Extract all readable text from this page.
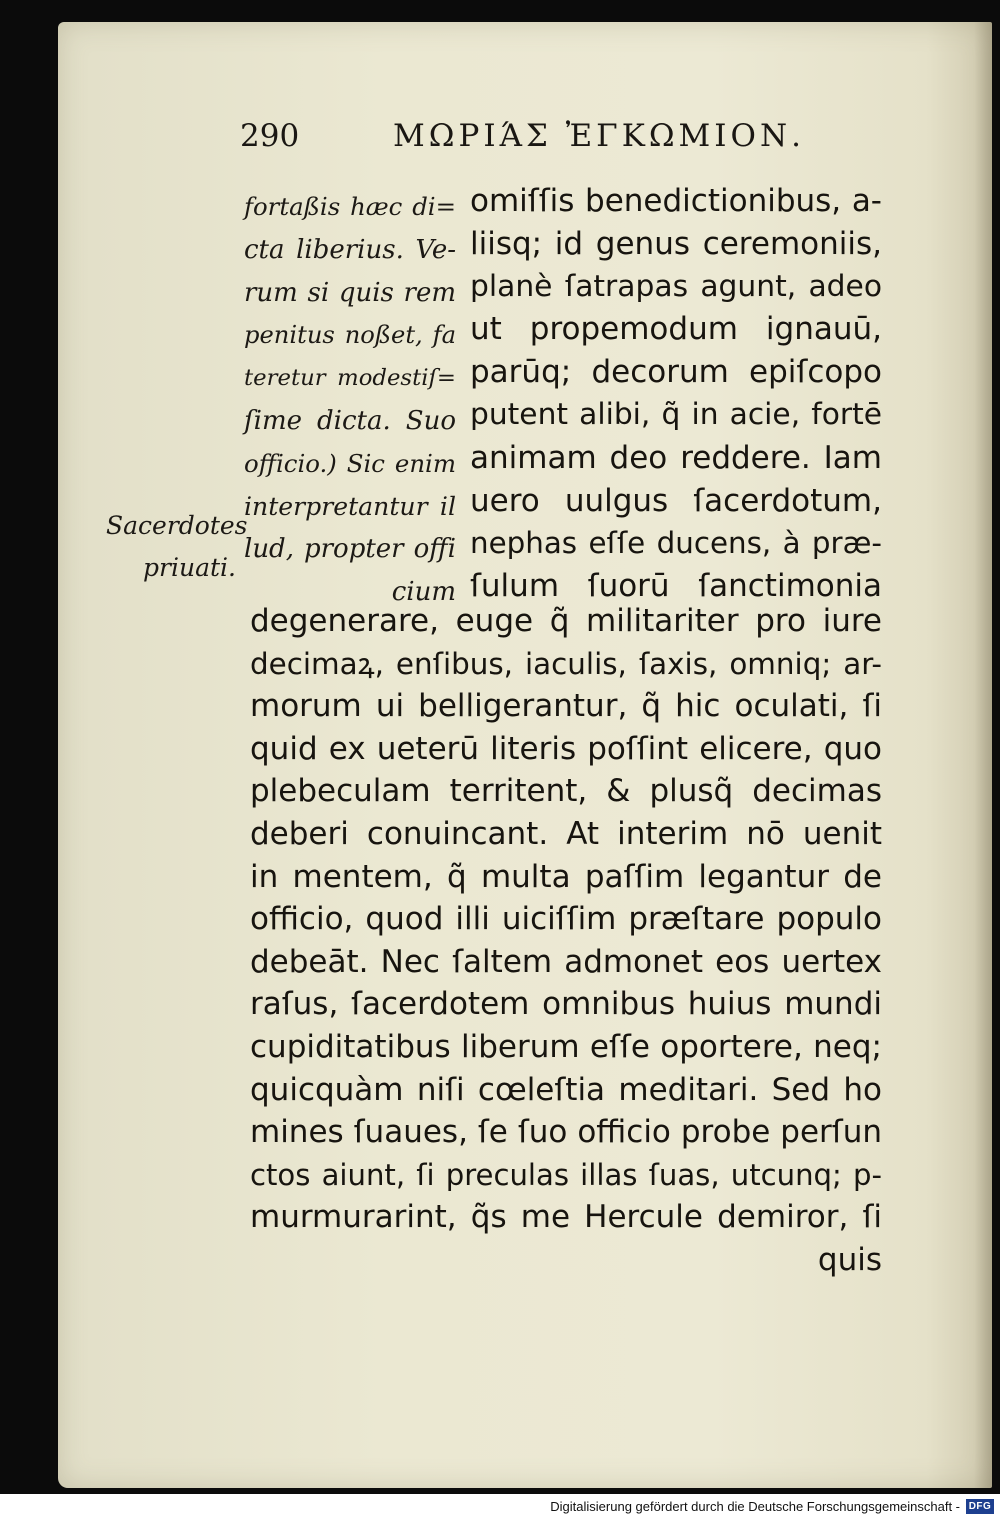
290	ΜΩΡΙΆΣ ἘΓΚΩΜΙΟΝ.
fortaßis hæc di=
cta liberius. Ve-
rum si quis rem
penitus noßet, fa
teretur modestiſ=
ſime dicta. Suo
officio.) Sic enim
interpretantur il
lud, propter offi
cium
Sacerdotes
priuati.
omiſſis benedictionibus, a-
liisq; id genus ceremoniis,
planè ſatrapas agunt, adeo
ut propemodum ignauū,
parūq; decorum epiſcopo
putent alibi, q̃ in acie, fortē
animam deo reddere. Iam
uero uulgus ſacerdotum,
nephas eſſe ducens, à præ-
ſulum ſuorū ſanctimonia
degenerare, euge q̃ militariter pro iure
decimaꝝ, enſibus, iaculis, ſaxis, omniq; ar-
morum ui belligerantur, q̃ hic oculati, ſi
quid ex ueterū literis poſſint elicere, quo
plebeculam territent, & plusq̃ decimas
deberi conuincant. At interim nō uenit
in mentem, q̃ multa paſſim legantur de
officio, quod illi uiciſſim præſtare populo
debeāt. Nec ſaltem admonet eos uertex
raſus, ſacerdotem omnibus huius mundi
cupiditatibus liberum eſſe oportere, neq;
quicquàm niſi cœleſtia meditari. Sed ho
mines ſuaues, ſe ſuo officio probe perſun
ctos aiunt, ſi preculas illas ſuas, utcunq; p-
murmurarint, q̃s me Hercule demiror, ſi
quis
Digitalisierung gefördert durch die Deutsche Forschungsgemeinschaft - DFG
